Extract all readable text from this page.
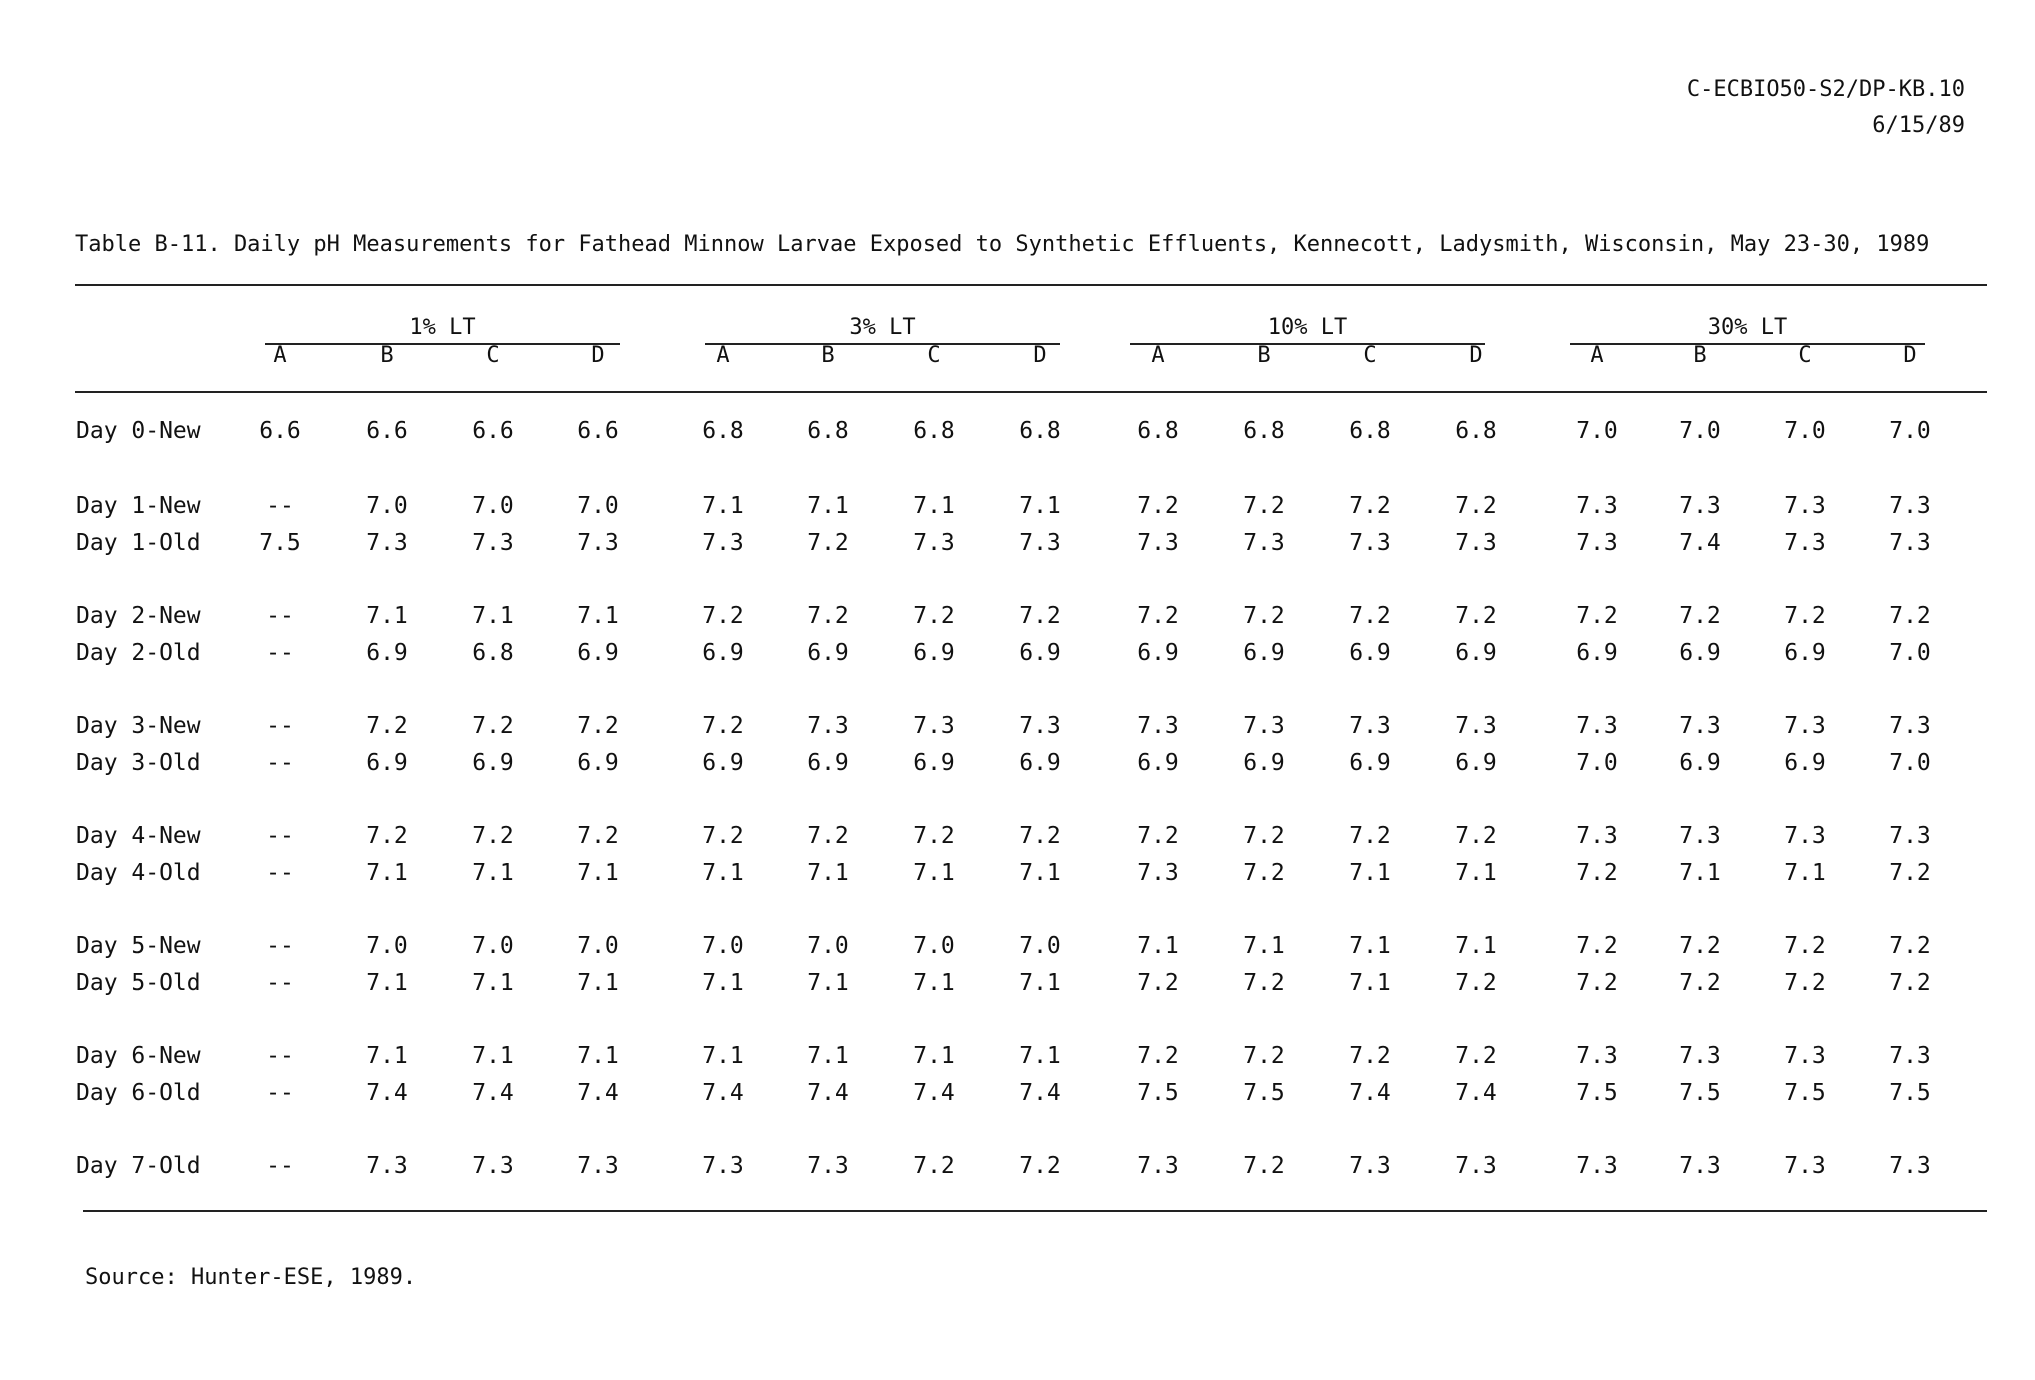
C-ECBIO50-S2/DP-KB.10
6/15/89
Table B-11. Daily pH Measurements for Fathead Minnow Larvae Exposed to Synthetic Effluents, Kennecott, Ladysmith, Wisconsin, May 23-30, 1989
1% LT	3% LT	10% LT	30% LT
A	B	C	D	A	B	C	D	A	B	C	D	A	B	C	D
Day 0-New	6.6	6.6	6.6	6.6	6.8	6.8	6.8	6.8	6.8	6.8	6.8	6.8	7.0	7.0	7.0	7.0
Day 1-New	--	7.0	7.0	7.0	7.1	7.1	7.1	7.1	7.2	7.2	7.2	7.2	7.3	7.3	7.3	7.3
Day 1-Old	7.5	7.3	7.3	7.3	7.3	7.2	7.3	7.3	7.3	7.3	7.3	7.3	7.3	7.4	7.3	7.3
Day 2-New	--	7.1	7.1	7.1	7.2	7.2	7.2	7.2	7.2	7.2	7.2	7.2	7.2	7.2	7.2	7.2
Day 2-Old	--	6.9	6.8	6.9	6.9	6.9	6.9	6.9	6.9	6.9	6.9	6.9	6.9	6.9	6.9	7.0
Day 3-New	--	7.2	7.2	7.2	7.2	7.3	7.3	7.3	7.3	7.3	7.3	7.3	7.3	7.3	7.3	7.3
Day 3-Old	--	6.9	6.9	6.9	6.9	6.9	6.9	6.9	6.9	6.9	6.9	6.9	7.0	6.9	6.9	7.0
Day 4-New	--	7.2	7.2	7.2	7.2	7.2	7.2	7.2	7.2	7.2	7.2	7.2	7.3	7.3	7.3	7.3
Day 4-Old	--	7.1	7.1	7.1	7.1	7.1	7.1	7.1	7.3	7.2	7.1	7.1	7.2	7.1	7.1	7.2
Day 5-New	--	7.0	7.0	7.0	7.0	7.0	7.0	7.0	7.1	7.1	7.1	7.1	7.2	7.2	7.2	7.2
Day 5-Old	--	7.1	7.1	7.1	7.1	7.1	7.1	7.1	7.2	7.2	7.1	7.2	7.2	7.2	7.2	7.2
Day 6-New	--	7.1	7.1	7.1	7.1	7.1	7.1	7.1	7.2	7.2	7.2	7.2	7.3	7.3	7.3	7.3
Day 6-Old	--	7.4	7.4	7.4	7.4	7.4	7.4	7.4	7.5	7.5	7.4	7.4	7.5	7.5	7.5	7.5
Day 7-Old	--	7.3	7.3	7.3	7.3	7.3	7.2	7.2	7.3	7.2	7.3	7.3	7.3	7.3	7.3	7.3
Source: Hunter-ESE, 1989.
